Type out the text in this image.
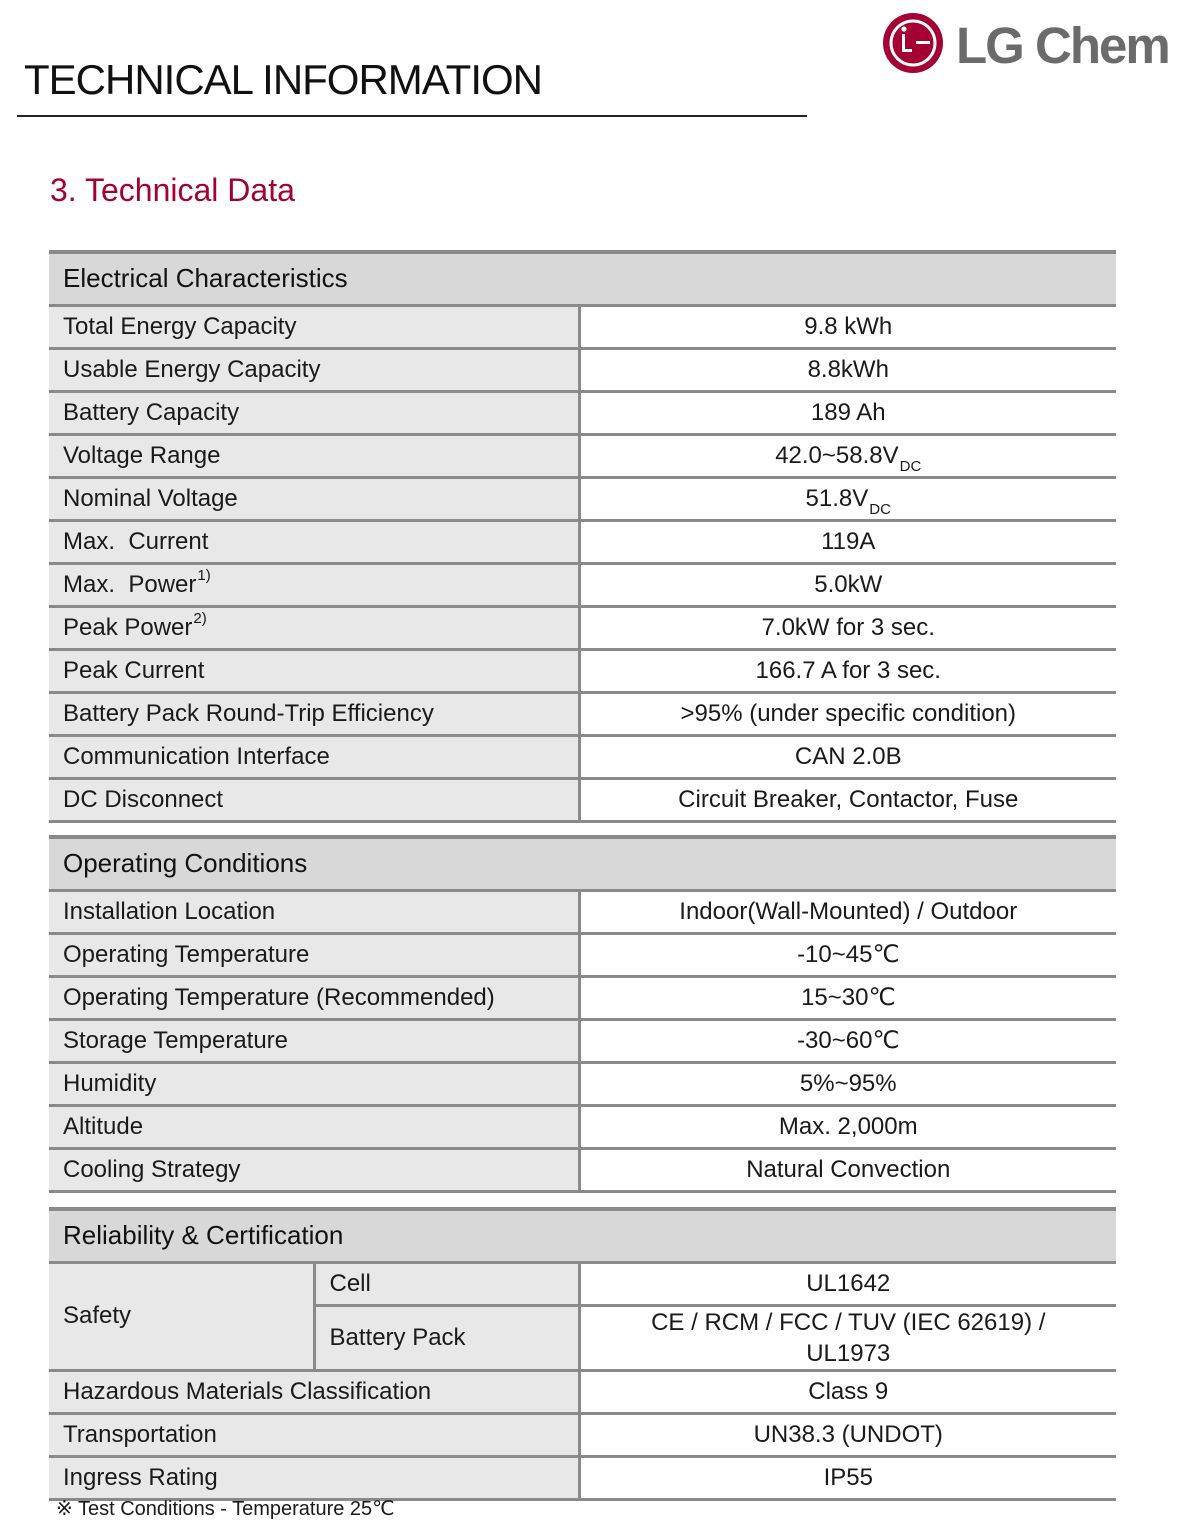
TECHNICAL INFORMATION
LG Chem
3. Technical Data
Electrical Characteristics	
Total Energy Capacity	9.8 kWh
Usable Energy Capacity	8.8kWh
Battery Capacity	189 Ah
Voltage Range	$42.0\sim 58.8V_{DC}$
Nominal Voltage	$51.8V_{DC}$
Max.  Current	119A
Max.  Power$^{1)}$	5.0kW
Peak Power$^{2)}$	7.0kW for 3 sec.
Peak Current	166.7 A for 3 sec.
Battery Pack Round-Trip Efficiency	>95% (under specific condition)
Communication Interface	CAN 2.0B
DC Disconnect	Circuit Breaker, Contactor, Fuse
Operating Conditions	
Installation Location	Indoor(Wall-Mounted) / Outdoor
Operating Temperature	-10~45℃
Operating Temperature (Recommended)	15~30℃
Storage Temperature	-30~60℃
Humidity	5%~95%
Altitude	Max. 2,000m
Cooling Strategy	Natural Convection
Reliability & Certification		
Safety	Cell	UL1642
	Battery Pack	CE / RCM / FCC / TUV (IEC 62619) /
UL1973

Hazardous Materials Classification		Class 9
Transportation		UN38.3 (UNDOT)
Ingress Rating		IP55
※ Test Conditions - Temperature 25℃
